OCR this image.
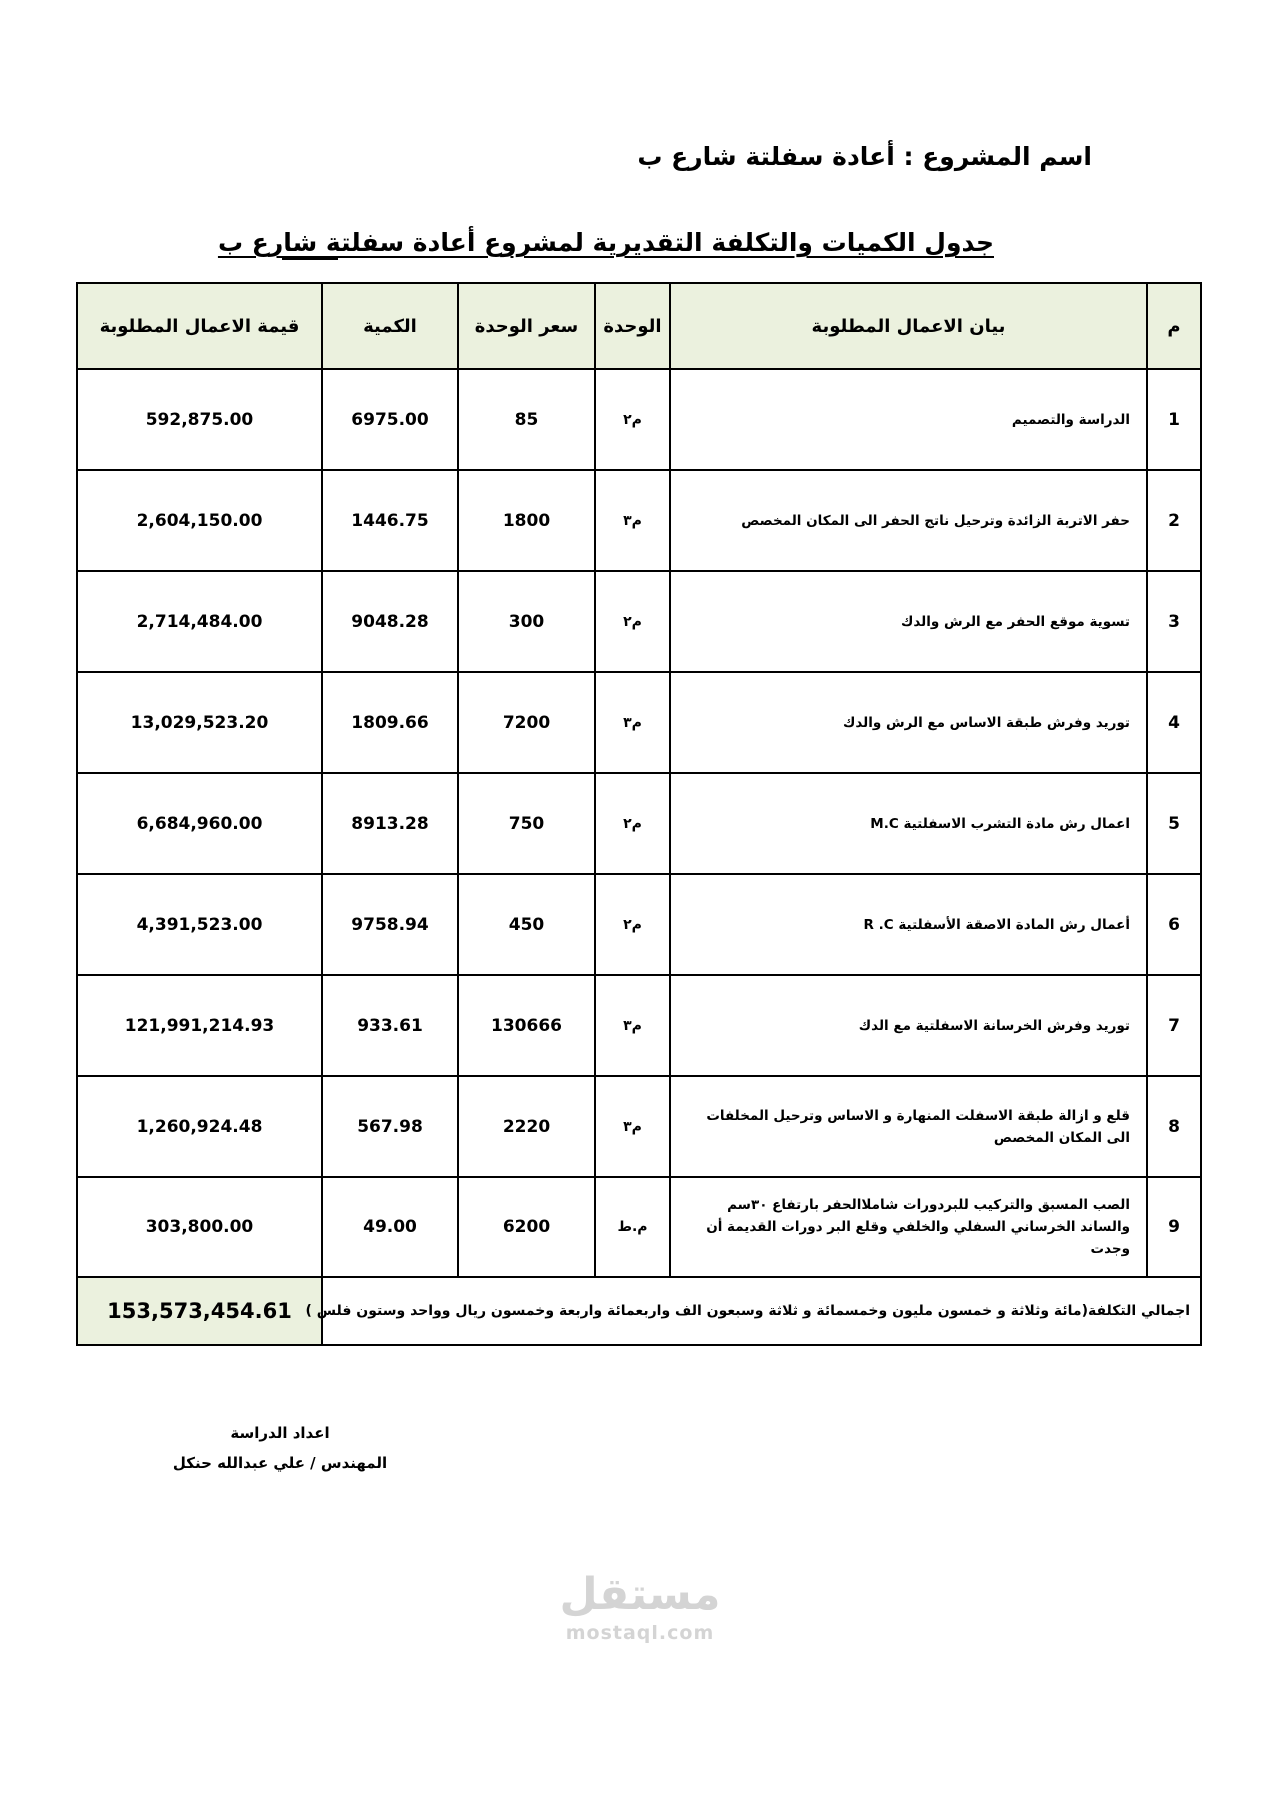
اسم المشروع : أعادة سفلتة شارع ب
جدول الكميات والتكلفة التقديرية لمشروع أعادة سفلتة شارع ب
م	بيان الاعمال المطلوبة	الوحدة	سعر الوحدة	الكمية	قيمة الاعمال المطلوبة
1	الدراسة والتصميم	م٢	85	6975.00	592,875.00
2	حفر الاتربة الزائدة وترحيل ناتج الحفر الى المكان المخصص	م٣	1800	1446.75	2,604,150.00
3	تسوية موقع الحفر مع الرش والدك	م٢	300	9048.28	2,714,484.00
4	توريد وفرش طبقة الاساس مع الرش والدك	م٣	7200	1809.66	13,029,523.20
5	اعمال رش مادة التشرب الاسفلتية M.C	م٢	750	8913.28	6,684,960.00
6	أعمال رش المادة الاصقة الأسفلتية R .C	م٢	450	9758.94	4,391,523.00
7	توريد وفرش الخرسانة الاسفلتية مع الدك	م٣	130666	933.61	121,991,214.93
8	قلع و ازالة طبقة الاسفلت المنهارة و الاساس وترحيل المخلفات الى المكان المخصص	م٣	2220	567.98	1,260,924.48
9	الصب المسبق والتركيب للبردورات شاملاالحفر بارتفاع ٣٠سم والساند الخرساني السفلي والخلفي وقلع البر دورات القديمة أن وجدت	م.ط	6200	49.00	303,800.00
اجمالي التكلفة(مائة وثلاثة و خمسون مليون وخمسمائة و ثلاثة وسبعون الف واربعمائة واربعة وخمسون ريال وواحد وستون فلس )					153,573,454.61
اعداد الدراسة
المهندس / علي عبدالله حنكل
مستقل
mostaql.com
